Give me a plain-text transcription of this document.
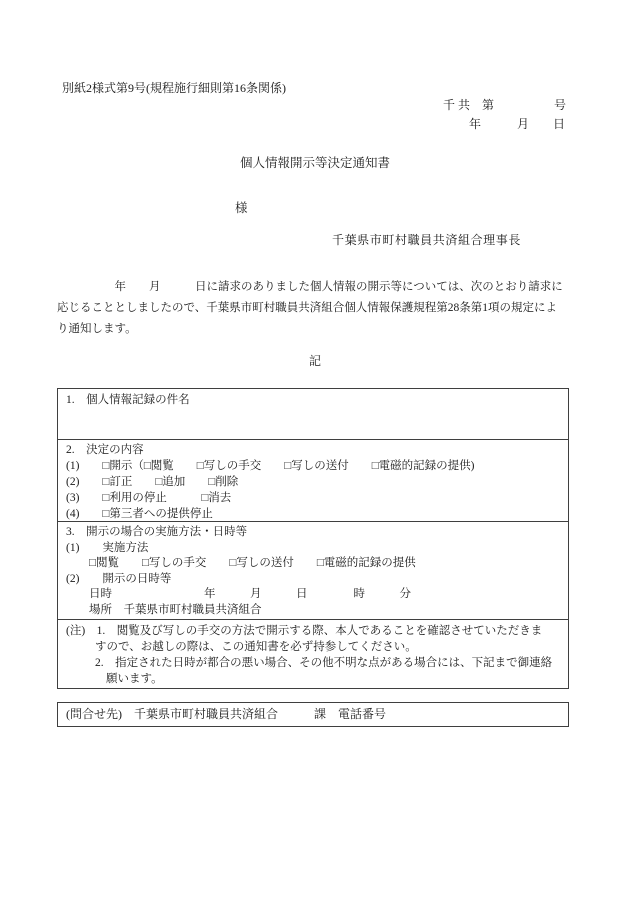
別紙2様式第9号(規程施行細則第16条関係)
千 共　第　　　　　号
年　　　月　　日
個人情報開示等決定通知書
様
千葉県市町村職員共済組合理事長
　　　　　年　　月　　　日に請求のありました個人情報の開示等については、次のとおり請求に
応じることとしましたので、千葉県市町村職員共済組合個人情報保護規程第28条第1項の規定によ
り通知します。
記
1.　個人情報記録の件名
2.　決定の内容
(1)　　□開示（□閲覧　　□写しの手交　　□写しの送付　　□電磁的記録の提供)
(2)　　□訂正　　□追加　　□削除
(3)　　□利用の停止　　　□消去
(4)　　□第三者への提供停止
3.　開示の場合の実施方法・日時等
(1)　　実施方法
　　□閲覧　　□写しの手交　　□写しの送付　　□電磁的記録の提供
(2)　　開示の日時等
　　日時　　　　　　　　年　　　月　　　日　　　　時　　　分
　　場所　千葉県市町村職員共済組合
(注)　1.　閲覧及び写しの手交の方法で開示する際、本人であることを確認させていただきま
すので、お越しの際は、この通知書を必ず持参してください。
2.　指定された日時が都合の悪い場合、その他不明な点がある場合には、下記まで御連絡
願います。
(問合せ先)　千葉県市町村職員共済組合　　　課　電話番号
